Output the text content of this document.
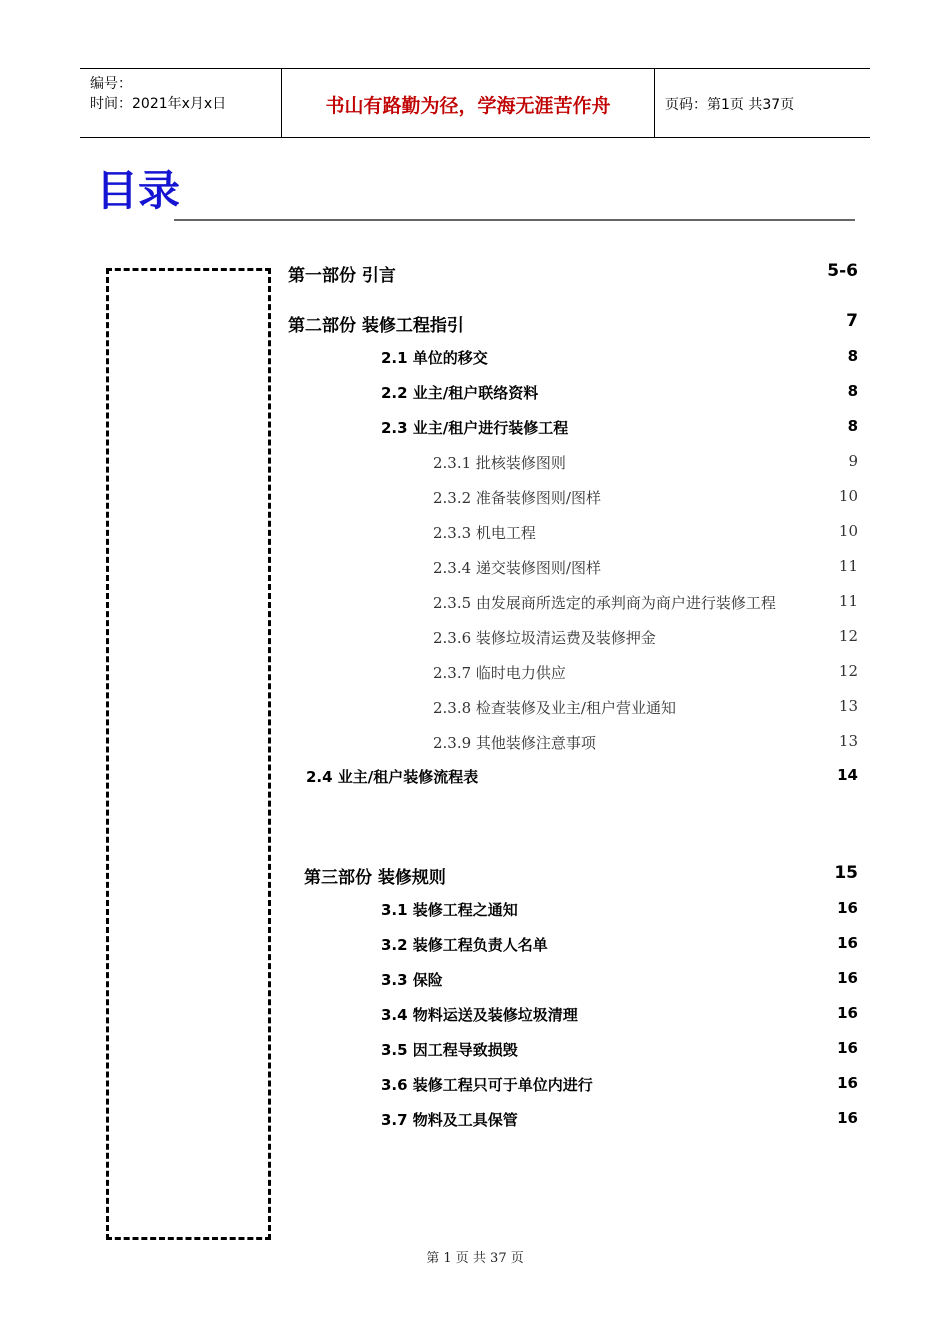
编号：
时间：2021年x月x日	书山有路勤为径，学海无涯苦作舟	页码：第1页 共37页
目录
第一部份 引言	5-6
第二部份 装修工程指引	7
2.1 单位的移交	8
2.2 业主/租户联络资料	8
2.3 业主/租户进行装修工程	8
2.3.1 批核装修图则	9
2.3.2 准备装修图则/图样	10
2.3.3 机电工程	10
2.3.4 递交装修图则/图样	11
2.3.5 由发展商所选定的承判商为商户进行装修工程	11
2.3.6 装修垃圾清运费及装修押金	12
2.3.7 临时电力供应	12
2.3.8 检查装修及业主/租户营业通知	13
2.3.9 其他装修注意事项	13
2.4 业主/租户装修流程表	14
第三部份 装修规则	15
3.1 装修工程之通知	16
3.2 装修工程负责人名单	16
3.3 保险	16
3.4 物料运送及装修垃圾清理	16
3.5 因工程导致损毁	16
3.6 装修工程只可于单位内进行	16
3.7 物料及工具保管	16
第 1 页 共 37 页
